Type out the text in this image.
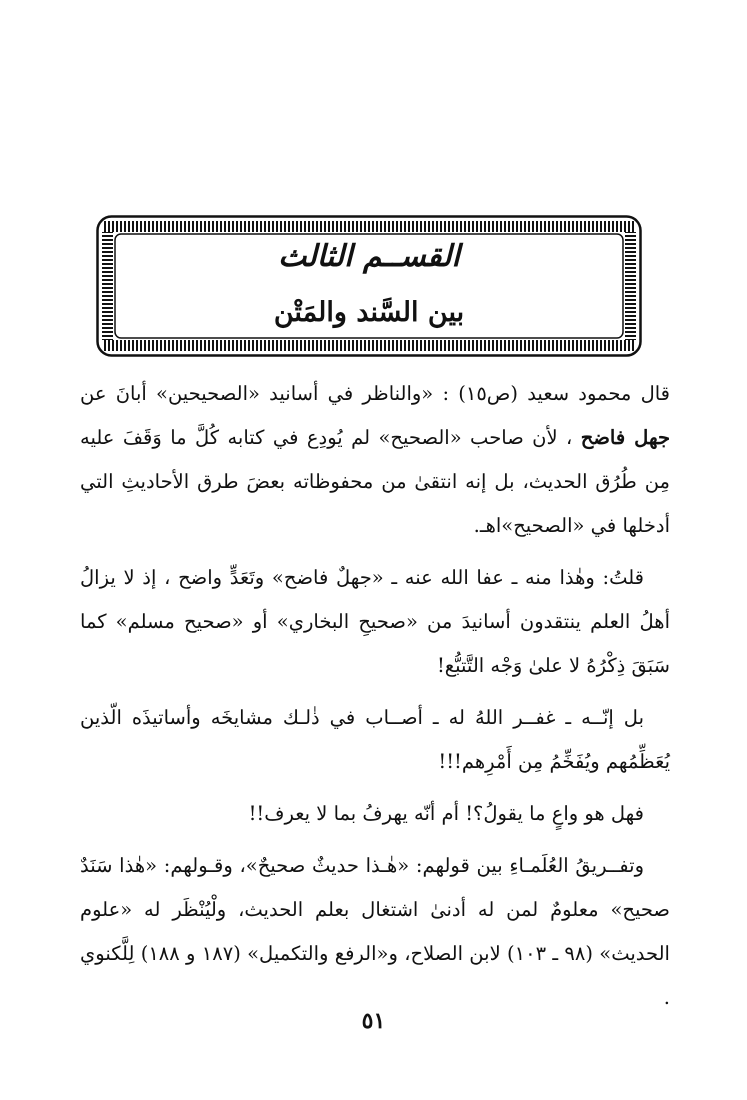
القســم الثالث
بين السَّند والمَتْن

قال محمود سعيد (ص١٥) : «والناظر في أسانيد «الصحيحين» أبانَ عن جهل فاضح ، لأن صاحب «الصحيح» لم يُودِع في كتابه كُلَّ ما وَقَفَ عليه مِن طُرُق الحديث، بل إنه انتقىٰ من محفوظاته بعضَ طرق الأحاديثِ التي أدخلها في «الصحيح»اهـ.

قلتُ: وهٰذا منه ـ عفا الله عنه ـ «جهلٌ فاضح» وتَعَدٍّ واضح ، إذ لا يزالُ أهلُ العلم ينتقدون أسانيدَ من «صحيحِ البخاري» أو «صحيح مسلم» كما سَبَقَ ذِكْرُهُ لا علىٰ وَجْه التَّتبُّع!

بل إنّــه ـ غفــر اللهُ له ـ أصــاب في ذٰلـك مشايخَه وأساتيذَه الّذين يُعَظِّمُهم ويُفَخِّمُ مِن أَمْرِهم!!!

فهل هو واعٍ ما يقولُ؟! أم أنّه يهرفُ بما لا يعرف!!

وتفــريقُ العُلَمـاءِ بين قولهم: «هٰـذا حديثٌ صحيحٌ»، وقـولهم: «هٰذا سَنَدٌ صحيح» معلومٌ لمن له أدنىٰ اشتغال بعلم الحديث، ولْيُنْظَر له «علوم الحديث» (٩٨ ـ ١٠٣) لابن الصلاح، و«الرفع والتكميل» (١٨٧ و ١٨٨) لِلَّكنوي .

٥١
